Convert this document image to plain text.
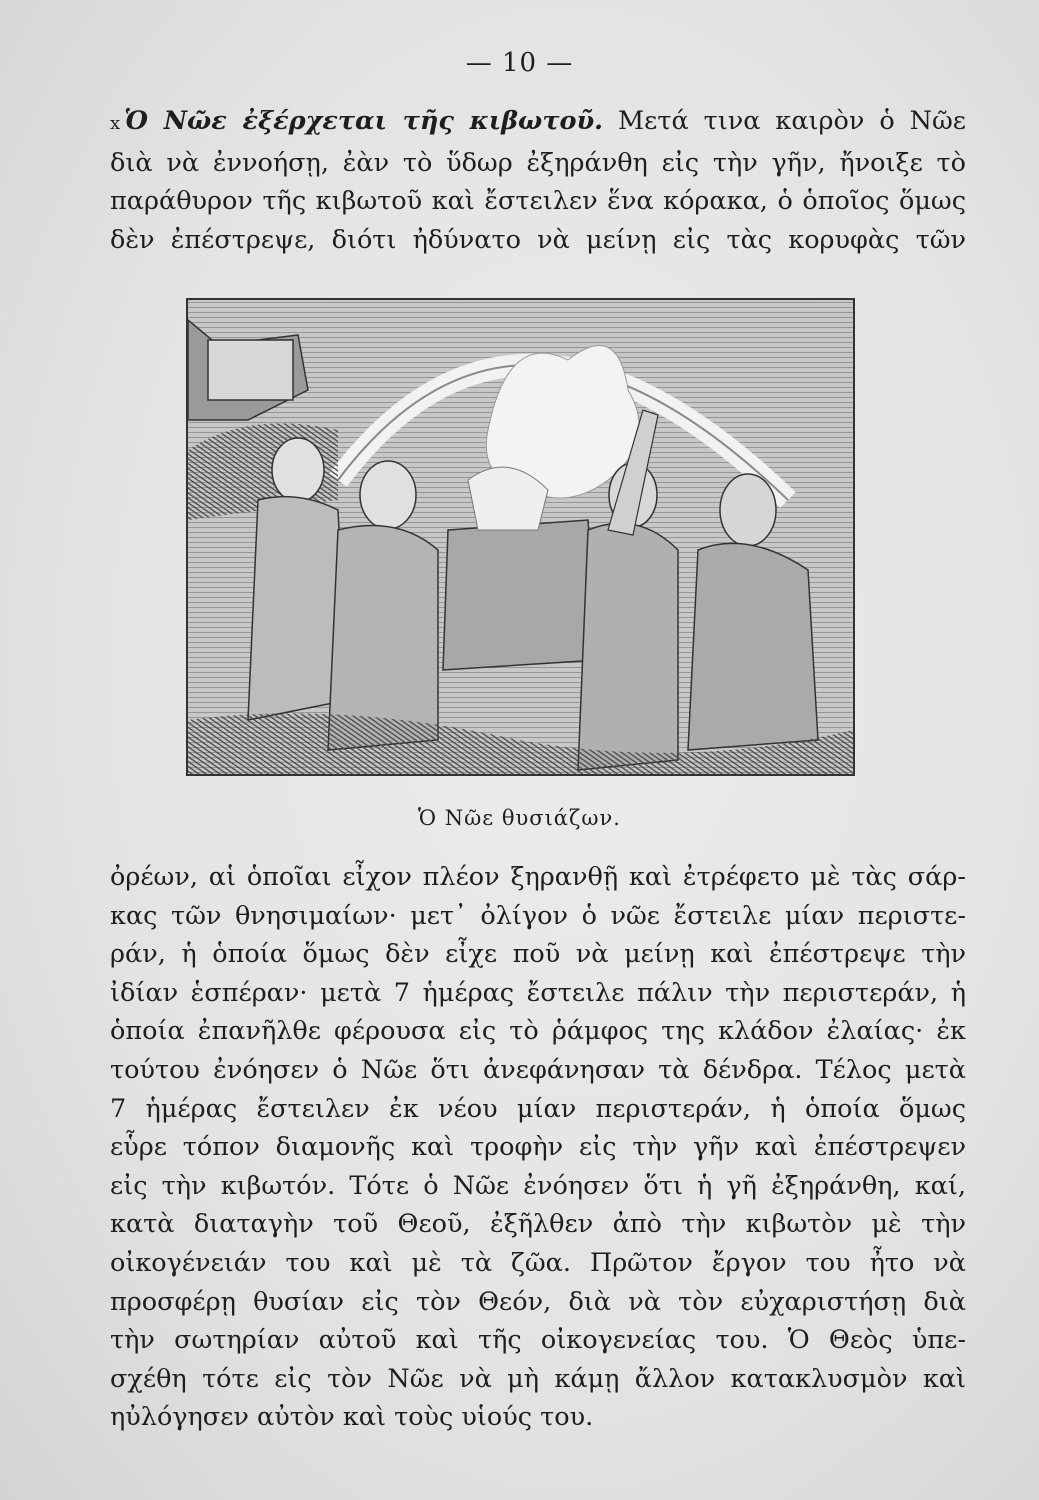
— 10 —
x Ὁ Νῶε ἐξέρχεται τῆς κιβωτοῦ. Μετά τινα καιρὸν ὁ Νῶε
διὰ νὰ ἐννοήσῃ, ἐὰν τὸ ὕδωρ ἐξηράνθη εἰς τὴν γῆν, ἤνοιξε τὸ
παράθυρον τῆς κιβωτοῦ καὶ ἔστειλεν ἕνα κόρακα, ὁ ὁποῖος ὅμως
δὲν ἐπέστρεψε, διότι ἠδύνατο νὰ μείνῃ εἰς τὰς κορυφὰς τῶν
Ὁ Νῶε θυσιάζων.
ὀρέων, αἱ ὁποῖαι εἶχον πλέον ξηρανθῇ καὶ ἐτρέφετο μὲ τὰς σάρ-
κας τῶν θνησιμαίων· μετ᾽ ὀλίγον ὁ νῶε ἔστειλε μίαν περιστε-
ράν, ἡ ὁποία ὅμως δὲν εἶχε ποῦ νὰ μείνῃ καὶ ἐπέστρεψε τὴν
ἰδίαν ἑσπέραν· μετὰ 7 ἡμέρας ἔστειλε πάλιν τὴν περιστεράν, ἡ
ὁποία ἐπανῆλθε φέρουσα εἰς τὸ ῥάμφος της κλάδον ἐλαίας· ἐκ
τούτου ἐνόησεν ὁ Νῶε ὅτι ἀνεφάνησαν τὰ δένδρα. Τέλος μετὰ
7 ἡμέρας ἔστειλεν ἐκ νέου μίαν περιστεράν, ἡ ὁποία ὅμως
εὗρε τόπον διαμονῆς καὶ τροφὴν εἰς τὴν γῆν καὶ ἐπέστρεψεν
εἰς τὴν κιβωτόν. Τότε ὁ Νῶε ἐνόησεν ὅτι ἡ γῆ ἐξηράνθη, καί,
κατὰ διαταγὴν τοῦ Θεοῦ, ἐξῆλθεν ἀπὸ τὴν κιβωτὸν μὲ τὴν
οἰκογένειάν του καὶ μὲ τὰ ζῶα. Πρῶτον ἔργον του ἦτο νὰ
προσφέρῃ θυσίαν εἰς τὸν Θεόν, διὰ νὰ τὸν εὐχαριστήσῃ διὰ
τὴν σωτηρίαν αὐτοῦ καὶ τῆς οἰκογενείας του. Ὁ Θεὸς ὑπε-
σχέθη τότε εἰς τὸν Νῶε νὰ μὴ κάμῃ ἄλλον κατακλυσμὸν καὶ
ηὐλόγησεν αὐτὸν καὶ τοὺς υἱούς του.
